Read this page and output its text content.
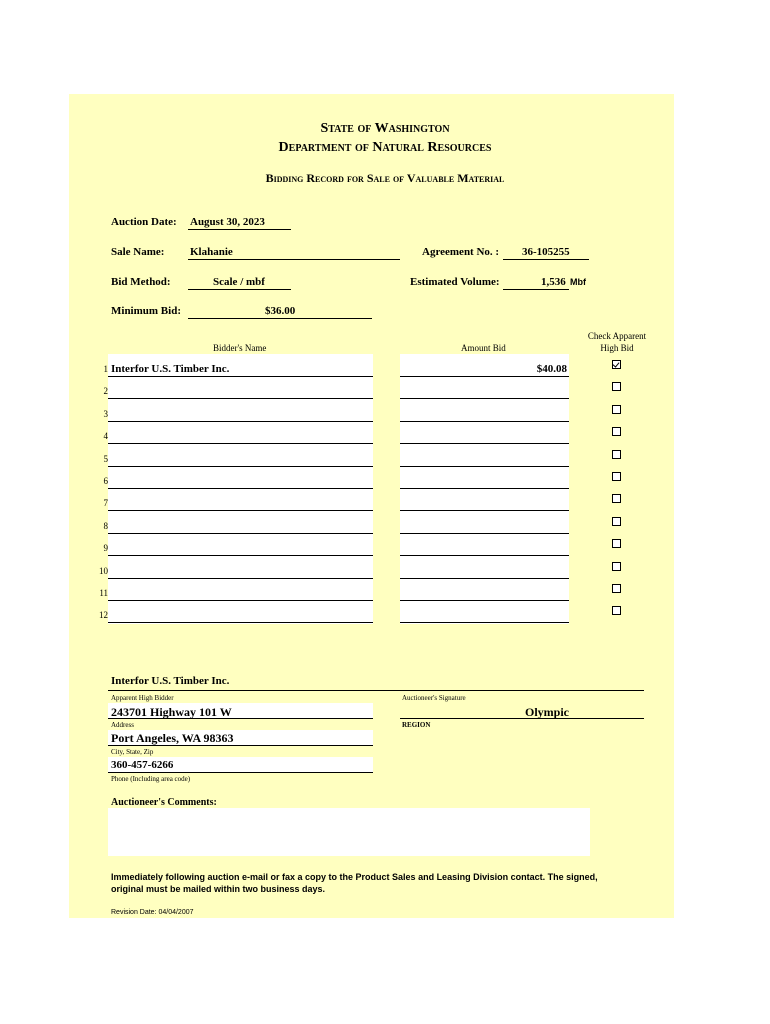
State of Washington
Department of Natural Resources
Bidding Record for Sale of Valuable Material
Auction Date: August 30, 2023
Sale Name: Klahanie	Agreement No. : 36-105255
Bid Method:	Scale / mbf	Estimated Volume:	1,536 Mbf
Minimum Bid:	$36.00
Bidder's Name	Amount Bid
Check Apparent
High Bid
1 Interfor U.S. Timber Inc.	$40.08
2
3
4
5
6
7
8
9
10
11
12
Interfor U.S. Timber Inc.
Apparent High Bidder	Auctioneer's Signature
243701 Highway 101 W
Address
Olympic
REGION
Port Angeles, WA 98363
City, State, Zip
360-457-6266
Phone (Including area code)
Auctioneer's Comments:
Immediately following auction e-mail or fax a copy to the Product Sales and Leasing Division contact. The signed,
original must be mailed within two business days.
Revision Date: 04/04/2007
